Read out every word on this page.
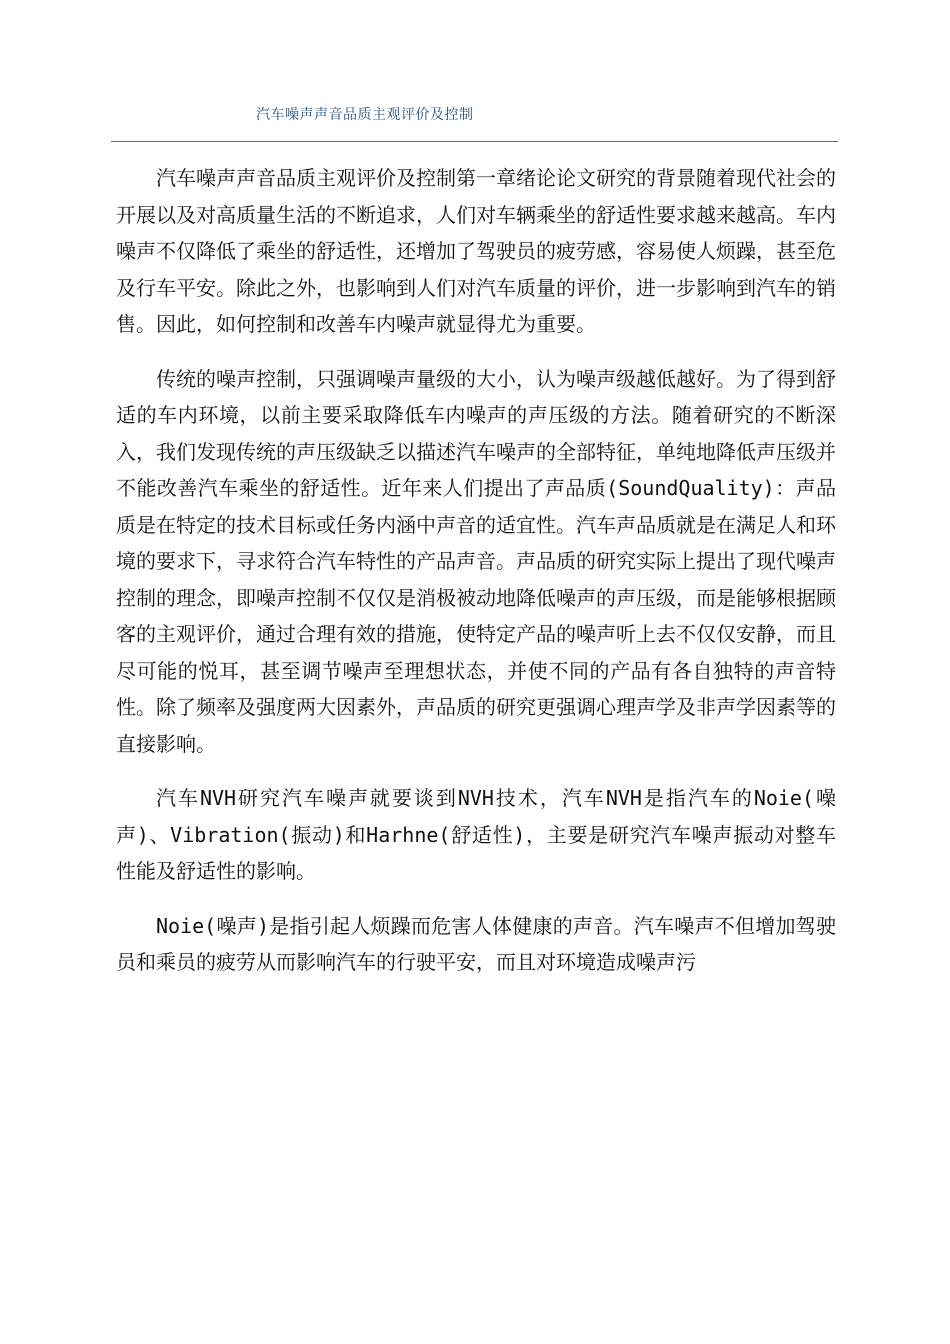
汽车噪声声音品质主观评价及控制

汽车噪声声音品质主观评价及控制第一章绪论论文研究的背景随着现代社会的开展以及对高质量生活的不断追求，人们对车辆乘坐的舒适性要求越来越高。车内噪声不仅降低了乘坐的舒适性，还增加了驾驶员的疲劳感，容易使人烦躁，甚至危及行车平安。除此之外，也影响到人们对汽车质量的评价，进一步影响到汽车的销售。因此，如何控制和改善车内噪声就显得尤为重要。

传统的噪声控制，只强调噪声量级的大小，认为噪声级越低越好。为了得到舒适的车内环境，以前主要采取降低车内噪声的声压级的方法。随着研究的不断深入，我们发现传统的声压级缺乏以描述汽车噪声的全部特征，单纯地降低声压级并不能改善汽车乘坐的舒适性。近年来人们提出了声品质(SoundQuality)：声品质是在特定的技术目标或任务内涵中声音的适宜性。汽车声品质就是在满足人和环境的要求下，寻求符合汽车特性的产品声音。声品质的研究实际上提出了现代噪声控制的理念，即噪声控制不仅仅是消极被动地降低噪声的声压级，而是能够根据顾客的主观评价，通过合理有效的措施，使特定产品的噪声听上去不仅仅安静，而且尽可能的悦耳，甚至调节噪声至理想状态，并使不同的产品有各自独特的声音特性。除了频率及强度两大因素外，声品质的研究更强调心理声学及非声学因素等的直接影响。

汽车NVH研究汽车噪声就要谈到NVH技术，汽车NVH是指汽车的Noie(噪声)、Vibration(振动)和Harhne(舒适性)，主要是研究汽车噪声振动对整车性能及舒适性的影响。

Noie(噪声)是指引起人烦躁而危害人体健康的声音。汽车噪声不但增加驾驶员和乘员的疲劳从而影响汽车的行驶平安，而且对环境造成噪声污
